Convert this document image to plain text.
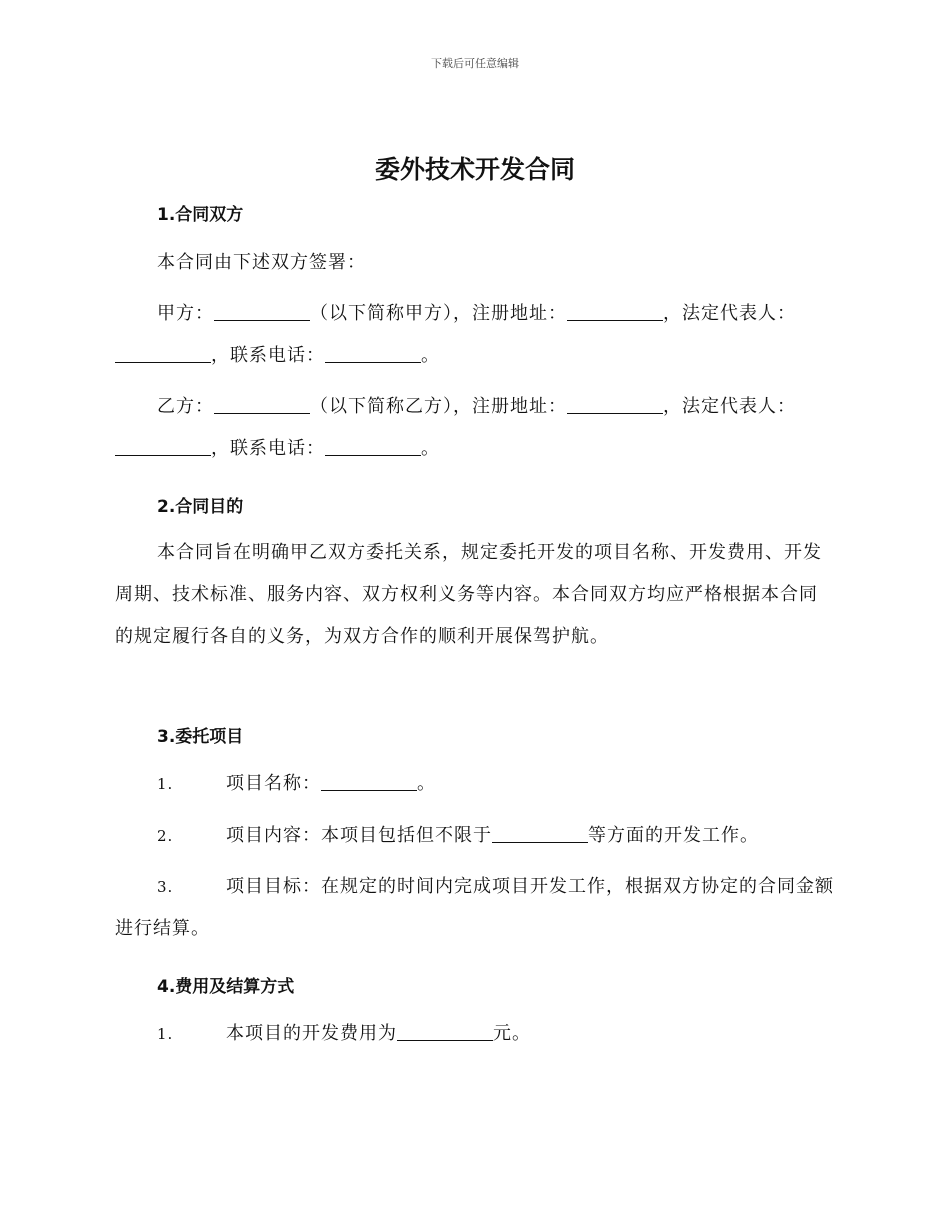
下载后可任意编辑
委外技术开发合同
1.合同双方

本合同由下述双方签署：

甲方：	（以下简称甲方），注册地址：	，法定代表人：，联系电话：	。

乙方：	（以下简称乙方），注册地址：	，法定代表人：，联系电话：	。

2.合同目的

本合同旨在明确甲乙双方委托关系，规定委托开发的项目名称、开发费用、开发周期、技术标准、服务内容、双方权利义务等内容。本合同双方均应严格根据本合同的规定履行各自的义务，为双方合作的顺利开展保驾护航。

3.委托项目
1.	项目名称：	。
2.	项目内容：本项目包括但不限于	等方面的开发工作。
3.	项目目标：在规定的时间内完成项目开发工作，根据双方协定的合同金额进行结算。
4.费用及结算方式
1.	本项目的开发费用为	元。
